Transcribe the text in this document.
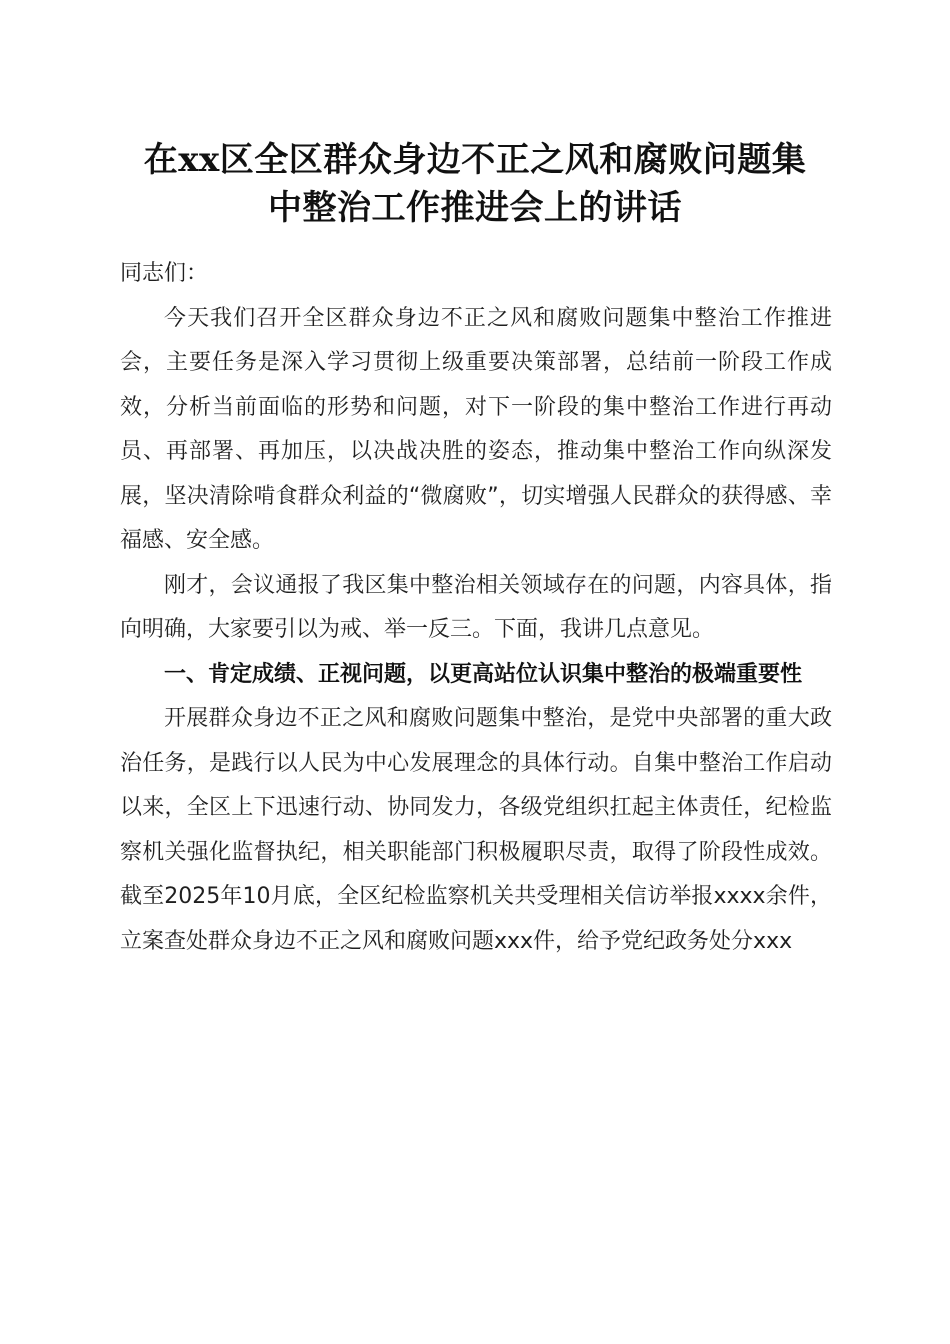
在xx区全区群众身边不正之风和腐败问题集
中整治工作推进会上的讲话

同志们：

今天我们召开全区群众身边不正之风和腐败问题集中整治工作推进会，主要任务是深入学习贯彻上级重要决策部署，总结前一阶段工作成效，分析当前面临的形势和问题，对下一阶段的集中整治工作进行再动员、再部署、再加压，以决战决胜的姿态，推动集中整治工作向纵深发展，坚决清除啃食群众利益的“微腐败”，切实增强人民群众的获得感、幸福感、安全感。

刚才，会议通报了我区集中整治相关领域存在的问题，内容具体，指向明确，大家要引以为戒、举一反三。下面，我讲几点意见。

一、肯定成绩、正视问题，以更高站位认识集中整治的极端重要性

开展群众身边不正之风和腐败问题集中整治，是党中央部署的重大政治任务，是践行以人民为中心发展理念的具体行动。自集中整治工作启动以来，全区上下迅速行动、协同发力，各级党组织扛起主体责任，纪检监察机关强化监督执纪，相关职能部门积极履职尽责，取得了阶段性成效。截至2025年10月底，全区纪检监察机关共受理相关信访举报xxxx余件，立案查处群众身边不正之风和腐败问题xxx件，给予党纪政务处分xxx
